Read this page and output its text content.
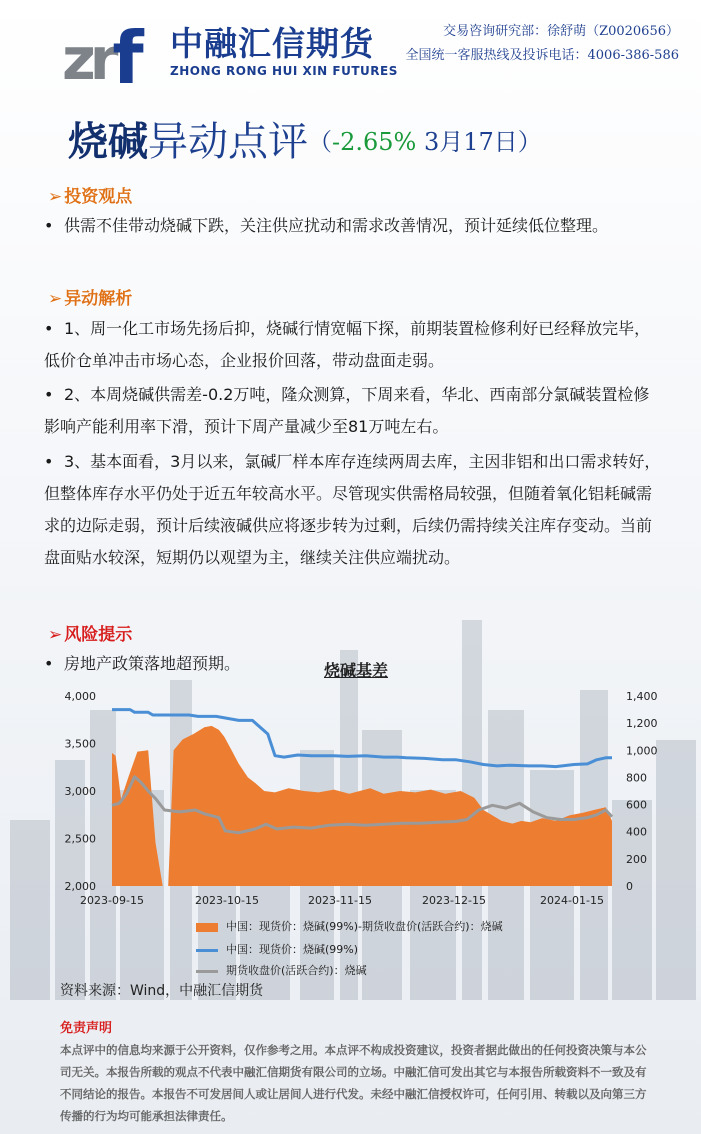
zrf 中融汇信期货
ZHONG RONG HUI XIN FUTURES
交易咨询研究部：徐舒萌（Z0020656）
全国统一客服热线及投诉电话：4006-386-586
烧碱异动点评（-2.65% 3月17日）
➢ 投资观点
• 供需不佳带动烧碱下跌，关注供应扰动和需求改善情况，预计延续低位整理。
➢ 异动解析
• 1、周一化工市场先扬后抑，烧碱行情宽幅下探，前期装置检修利好已经释放完毕，低价仓单冲击市场心态，企业报价回落，带动盘面走弱。
• 2、本周烧碱供需差-0.2万吨，隆众测算，下周来看，华北、西南部分氯碱装置检修影响产能利用率下滑，预计下周产量减少至81万吨左右。
• 3、基本面看，3月以来，氯碱厂样本库存连续两周去库，主因非铝和出口需求转好，但整体库存水平仍处于近五年较高水平。尽管现实供需格局较强，但随着氧化铝耗碱需求的边际走弱，预计后续液碱供应将逐步转为过剩，后续仍需持续关注库存变动。当前盘面贴水较深，短期仍以观望为主，继续关注供应端扰动。
➢ 风险提示
• 房地产政策落地超预期。	烧碱基差
4,000
3,500
3,000
2,500
2,000
1,400
1,200
1,000
800
600
400
200
0
2023-09-15	2023-10-15	2023-11-15	2023-12-15	2024-01-15
中国：现货价：烧碱(99%)-期货收盘价(活跃合约)：烧碱
中国：现货价：烧碱(99%)
期货收盘价(活跃合约)：烧碱
资料来源：Wind，中融汇信期货
免责声明
本点评中的信息均来源于公开资料，仅作参考之用。本点评不构成投资建议，投资者据此做出的任何投资决策与本公司无关。本报告所载的观点不代表中融汇信期货有限公司的立场。中融汇信可发出其它与本报告所载资料不一致及有不同结论的报告。本报告不可发居间人或让居间人进行代发。未经中融汇信授权许可，任何引用、转载以及向第三方传播的行为均可能承担法律责任。
